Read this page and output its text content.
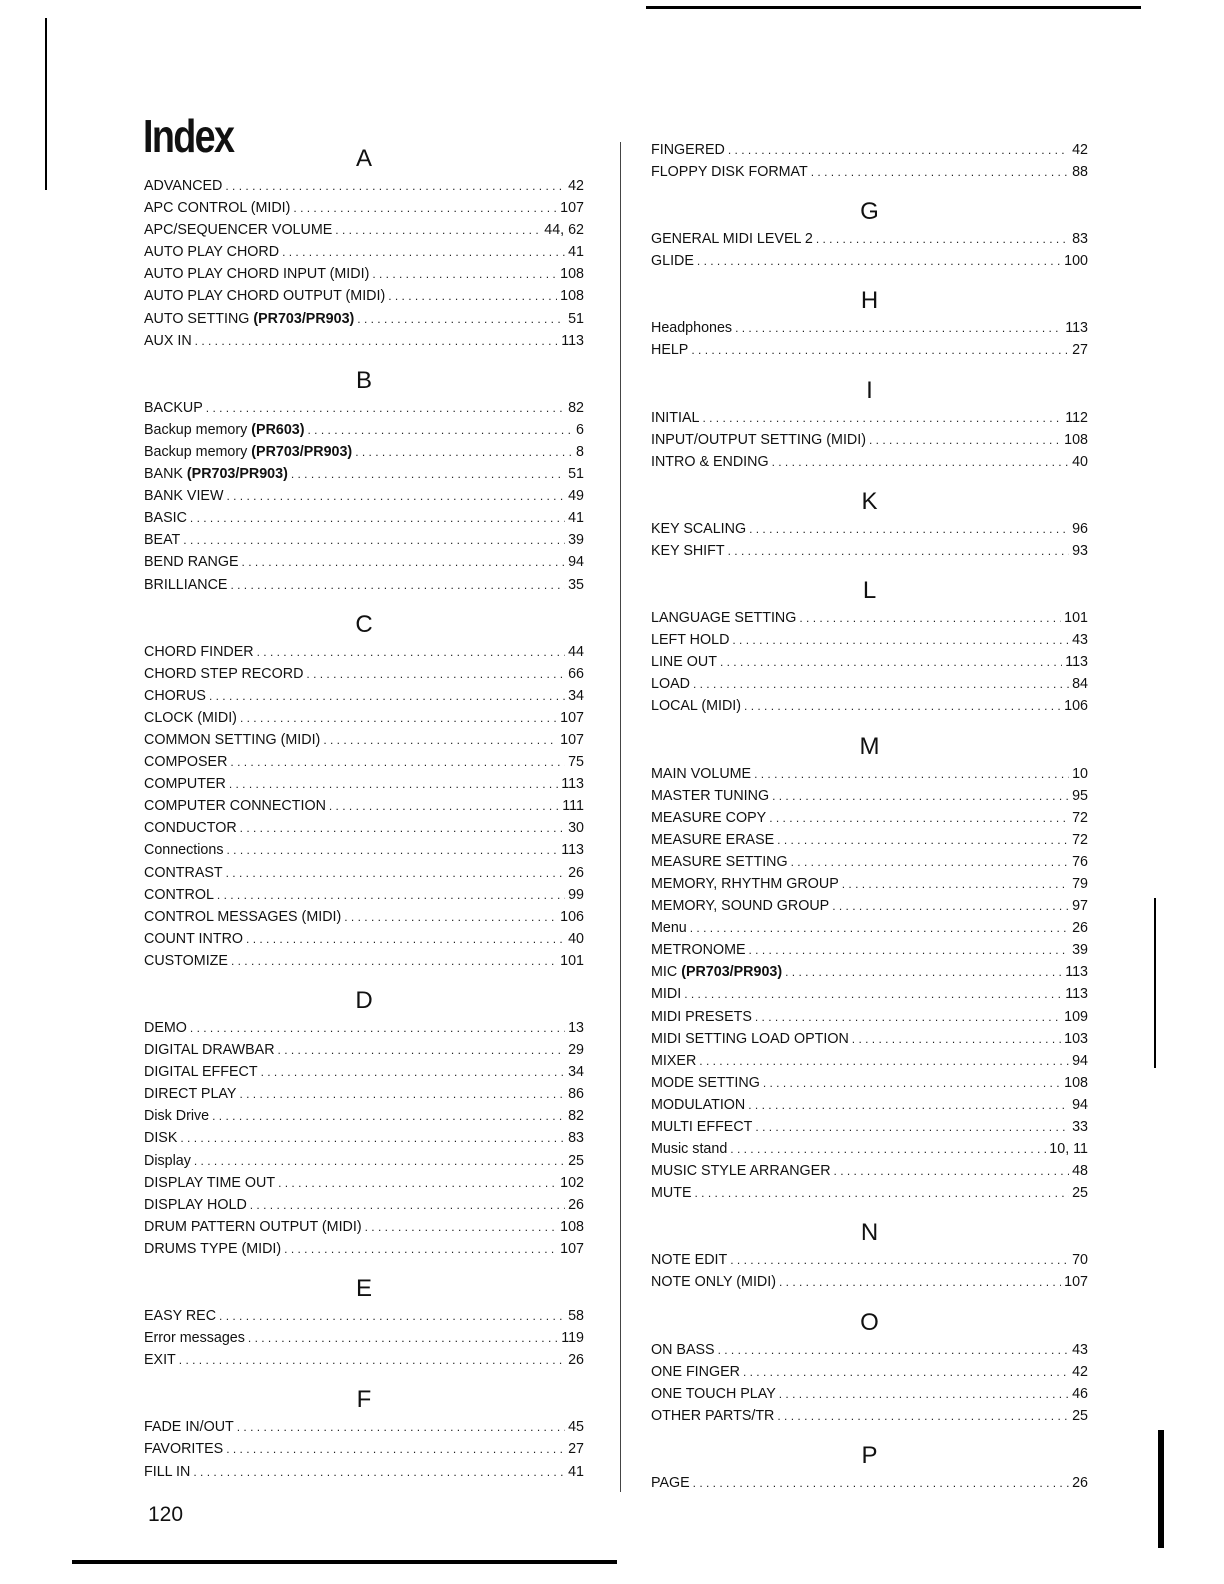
Index	A
ADVANCED . . .	42
APC CONTROL (MIDI) . . .	107
APC/SEQUENCER VOLUME . . .	44, 62
AUTO PLAY CHORD . . .	41
AUTO PLAY CHORD INPUT (MIDI) . . .	108
AUTO PLAY CHORD OUTPUT (MIDI) . . .	108
AUTO SETTING (PR703/PR903) . . .	51
AUX IN . . .	113
B
BACKUP . . .	82
Backup memory (PR603) . . .	6
Backup memory (PR703/PR903) . . .	8
BANK (PR703/PR903) . . .	51
BANK VIEW . . .	49
BASIC . . .	41
BEAT . . .	39
BEND RANGE . . .	94
BRILLIANCE . . .	35
C
CHORD FINDER . . .	44
CHORD STEP RECORD . . .	66
CHORUS . . .	34
CLOCK (MIDI) . . .	107
COMMON SETTING (MIDI) . . .	107
COMPOSER . . .	75
COMPUTER . . .	113
COMPUTER CONNECTION . . .	111
CONDUCTOR . . .	30
Connections . . .	113
CONTRAST . . .	26
CONTROL . . .	99
CONTROL MESSAGES (MIDI) . . .	106
COUNT INTRO . . .	40
CUSTOMIZE . . .	101
D
DEMO . . .	13
DIGITAL DRAWBAR . . .	29
DIGITAL EFFECT . . .	34
DIRECT PLAY . . .	86
Disk Drive . . .	82
DISK . . .	83
Display . . .	25
DISPLAY TIME OUT . . .	102
DISPLAY HOLD . . .	26
DRUM PATTERN OUTPUT (MIDI) . . .	108
DRUMS TYPE (MIDI) . . .	107
E
EASY REC . . .	58
Error messages . . .	119
EXIT . . .	26
F
FADE IN/OUT . . .	45
FAVORITES . . .	27
FILL IN . . .	41
FINGERED . . .	42
FLOPPY DISK FORMAT . . .	88
G
GENERAL MIDI LEVEL 2 . . .	83
GLIDE . . .	100
H
Headphones . . .	113
HELP . . .	27
I
INITIAL . . .	112
INPUT/OUTPUT SETTING (MIDI) . . .	108
INTRO & ENDING . . .	40
K
KEY SCALING . . .	96
KEY SHIFT . . .	93
L
LANGUAGE SETTING . . .	101
LEFT HOLD . . .	43
LINE OUT . . .	113
LOAD . . .	84
LOCAL (MIDI) . . .	106
M
MAIN VOLUME . . .	10
MASTER TUNING . . .	95
MEASURE COPY . . .	72
MEASURE ERASE . . .	72
MEASURE SETTING . . .	76
MEMORY, RHYTHM GROUP . . .	79
MEMORY, SOUND GROUP . . .	97
Menu . . .	26
METRONOME . . .	39
MIC (PR703/PR903) . . .	113
MIDI . . .	113
MIDI PRESETS . . .	109
MIDI SETTING LOAD OPTION . . .	103
MIXER . . .	94
MODE SETTING . . .	108
MODULATION . . .	94
MULTI EFFECT . . .	33
Music stand . . .	10, 11
MUSIC STYLE ARRANGER . . .	48
MUTE . . .	25
N
NOTE EDIT . . .	70
NOTE ONLY (MIDI) . . .	107
O
ON BASS . . .	43
ONE FINGER . . .	42
ONE TOUCH PLAY . . .	46
OTHER PARTS/TR . . .	25
P
PAGE . . .	26
120
